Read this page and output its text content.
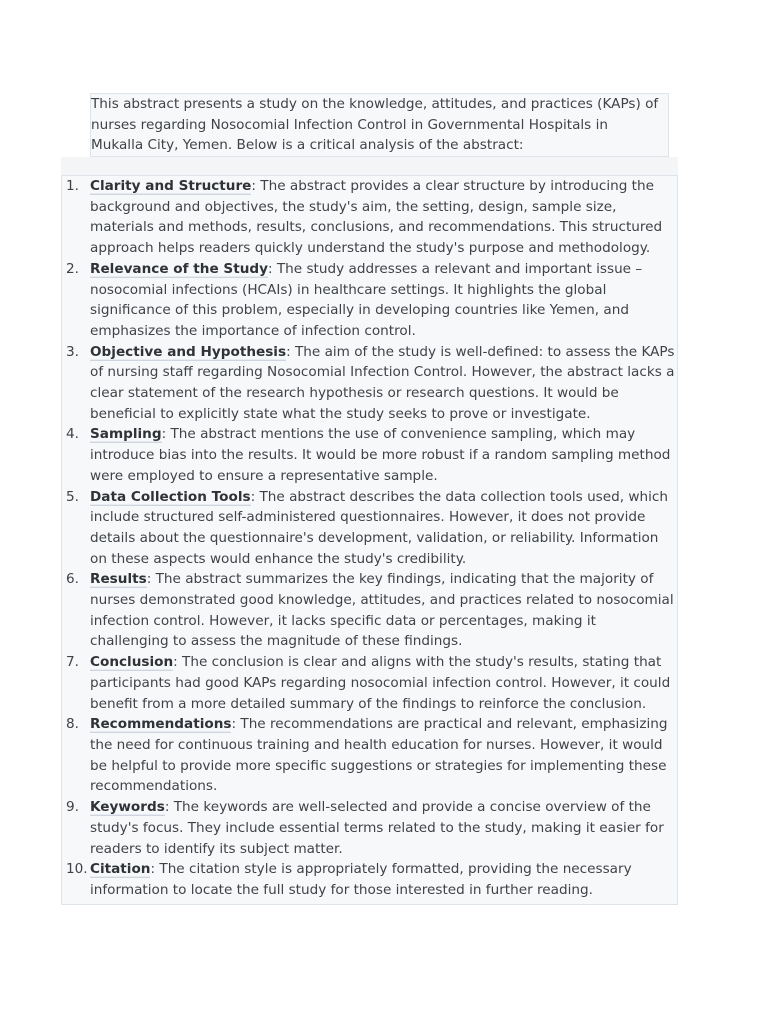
This abstract presents a study on the knowledge, attitudes, and practices (KAPs) of nurses regarding Nosocomial Infection Control in Governmental Hospitals in Mukalla City, Yemen. Below is a critical analysis of the abstract:
1. Clarity and Structure: The abstract provides a clear structure by introducing the background and objectives, the study's aim, the setting, design, sample size, materials and methods, results, conclusions, and recommendations. This structured approach helps readers quickly understand the study's purpose and methodology.
2. Relevance of the Study: The study addresses a relevant and important issue – nosocomial infections (HCAIs) in healthcare settings. It highlights the global significance of this problem, especially in developing countries like Yemen, and emphasizes the importance of infection control.
3. Objective and Hypothesis: The aim of the study is well-defined: to assess the KAPs of nursing staff regarding Nosocomial Infection Control. However, the abstract lacks a clear statement of the research hypothesis or research questions. It would be beneficial to explicitly state what the study seeks to prove or investigate.
4. Sampling: The abstract mentions the use of convenience sampling, which may introduce bias into the results. It would be more robust if a random sampling method were employed to ensure a representative sample.
5. Data Collection Tools: The abstract describes the data collection tools used, which include structured self-administered questionnaires. However, it does not provide details about the questionnaire's development, validation, or reliability. Information on these aspects would enhance the study's credibility.
6. Results: The abstract summarizes the key findings, indicating that the majority of nurses demonstrated good knowledge, attitudes, and practices related to nosocomial infection control. However, it lacks specific data or percentages, making it challenging to assess the magnitude of these findings.
7. Conclusion: The conclusion is clear and aligns with the study's results, stating that participants had good KAPs regarding nosocomial infection control. However, it could benefit from a more detailed summary of the findings to reinforce the conclusion.
8. Recommendations: The recommendations are practical and relevant, emphasizing the need for continuous training and health education for nurses. However, it would be helpful to provide more specific suggestions or strategies for implementing these recommendations.
9. Keywords: The keywords are well-selected and provide a concise overview of the study's focus. They include essential terms related to the study, making it easier for readers to identify its subject matter.
10. Citation: The citation style is appropriately formatted, providing the necessary information to locate the full study for those interested in further reading.
